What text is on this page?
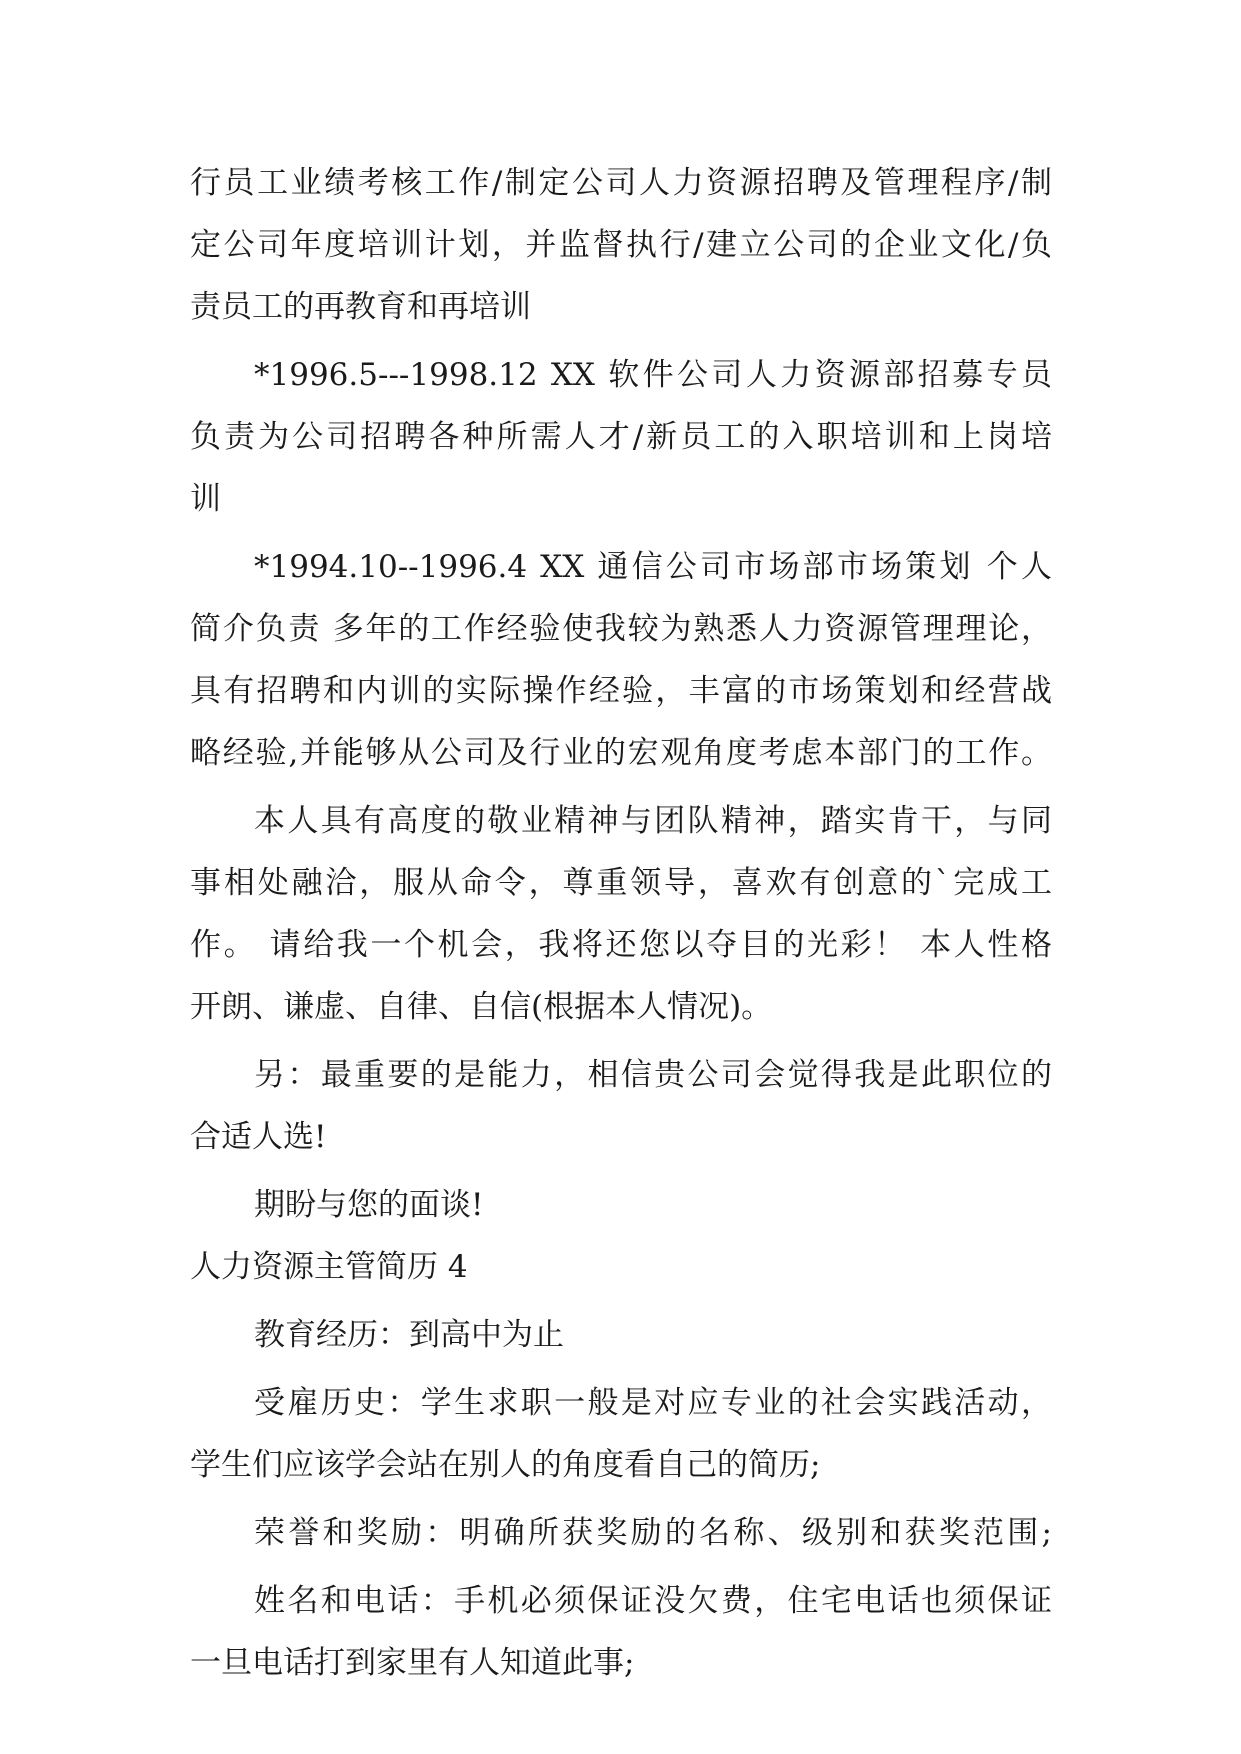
行员工业绩考核工作/制定公司人力资源招聘及管理程序/制
定公司年度培训计划，并监督执行/建立公司的企业文化/负
责员工的再教育和再培训
*1996.5---1998.12 XX 软件公司人力资源部招募专员
负责为公司招聘各种所需人才/新员工的入职培训和上岗培
训
*1994.10--1996.4 XX 通信公司市场部市场策划 个人
简介负责 多年的工作经验使我较为熟悉人力资源管理理论，
具有招聘和内训的实际操作经验，丰富的市场策划和经营战
略经验,并能够从公司及行业的宏观角度考虑本部门的工作。
本人具有高度的敬业精神与团队精神，踏实肯干，与同
事相处融洽，服从命令，尊重领导，喜欢有创意的`完成工
作。 请给我一个机会，我将还您以夺目的光彩！ 本人性格
开朗、谦虚、自律、自信(根据本人情况)。
另：最重要的是能力，相信贵公司会觉得我是此职位的
合适人选!
期盼与您的面谈!
人力资源主管简历 4
教育经历：到高中为止
受雇历史：学生求职一般是对应专业的社会实践活动，
学生们应该学会站在别人的角度看自己的简历;
荣誉和奖励：明确所获奖励的名称、级别和获奖范围;
姓名和电话：手机必须保证没欠费，住宅电话也须保证
一旦电话打到家里有人知道此事;
